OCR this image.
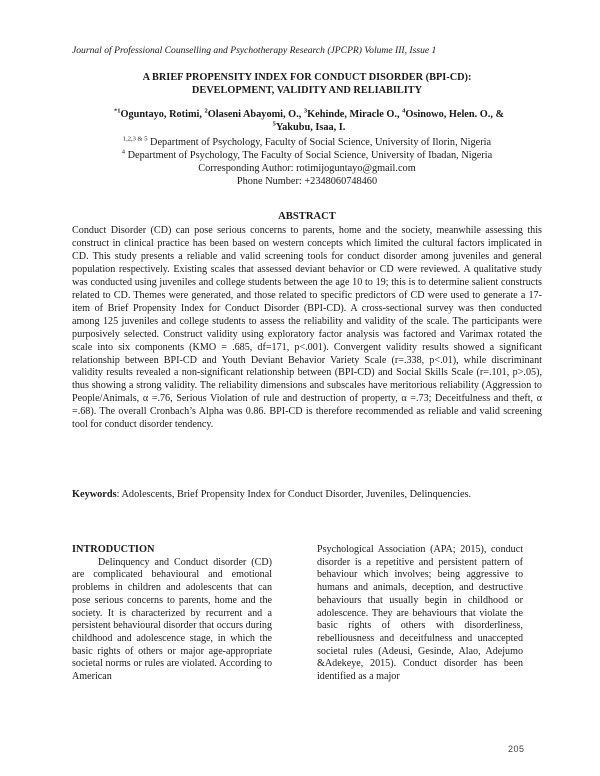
Journal of Professional Counselling and Psychotherapy Research (JPCPR) Volume III, Issue 1
A BRIEF PROPENSITY INDEX FOR CONDUCT DISORDER (BPI-CD):
DEVELOPMENT, VALIDITY AND RELIABILITY
$^{*1}$Oguntayo, Rotimi, $^2$Olaseni Abayomi, O., $^3$Kehinde, Miracle O., $^4$Osinowo, Helen. O., &
$^5$Yakubu, Isaa, I.
$^{1,2,3 \& 5}$ Department of Psychology, Faculty of Social Science, University of Ilorin, Nigeria
$^4$ Department of Psychology, The Faculty of Social Science, University of Ibadan, Nigeria
Corresponding Author: rotimijoguntayo@gmail.com
Phone Number: +2348060748460
ABSTRACT
Conduct Disorder (CD) can pose serious concerns to parents, home and the society, meanwhile assessing this construct in clinical practice has been based on western concepts which limited the cultural factors implicated in CD. This study presents a reliable and valid screening tools for conduct disorder among juveniles and general population respectively. Existing scales that assessed deviant behavior or CD were reviewed. A qualitative study was conducted using juveniles and college students between the age 10 to 19; this is to determine salient constructs related to CD. Themes were generated, and those related to specific predictors of CD were used to generate a 17-item of Brief Propensity Index for Conduct Disorder (BPI-CD). A cross-sectional survey was then conducted among 125 juveniles and college students to assess the reliability and validity of the scale. The participants were purposively selected. Construct validity using exploratory factor analysis was factored and Varimax rotated the scale into six components (KMO = .685, df=171, p<.001). Convergent validity results showed a significant relationship between BPI-CD and Youth Deviant Behavior Variety Scale (r=.338, p<.01), while discriminant validity results revealed a non-significant relationship between (BPI-CD) and Social Skills Scale (r=.101, p>.05), thus showing a strong validity. The reliability dimensions and subscales have meritorious reliability (Aggression to People/Animals, α =.76, Serious Violation of rule and destruction of property, α =.73; Deceitfulness and theft, α =.68). The overall Cronbach’s Alpha was 0.86. BPI-CD is therefore recommended as reliable and valid screening tool for conduct disorder tendency.
Keywords: Adolescents, Brief Propensity Index for Conduct Disorder, Juveniles, Delinquencies.
INTRODUCTION
Delinquency and Conduct disorder (CD) are complicated behavioural and emotional problems in children and adolescents that can pose serious concerns to parents, home and the society. It is characterized by recurrent and a persistent behavioural disorder that occurs during childhood and adolescence stage, in which the basic rights of others or major age-appropriate societal norms or rules are violated. According to American
Psychological Association (APA; 2015), conduct disorder is a repetitive and persistent pattern of behaviour which involves; being aggressive to humans and animals, deception, and destructive behaviours that usually begin in childhood or adolescence. They are behaviours that violate the basic rights of others with disorderliness, rebelliousness and deceitfulness and unaccepted societal rules (Adeusi, Gesinde, Alao, Adejumo &Adekeye, 2015). Conduct disorder has been identified as a major
205
